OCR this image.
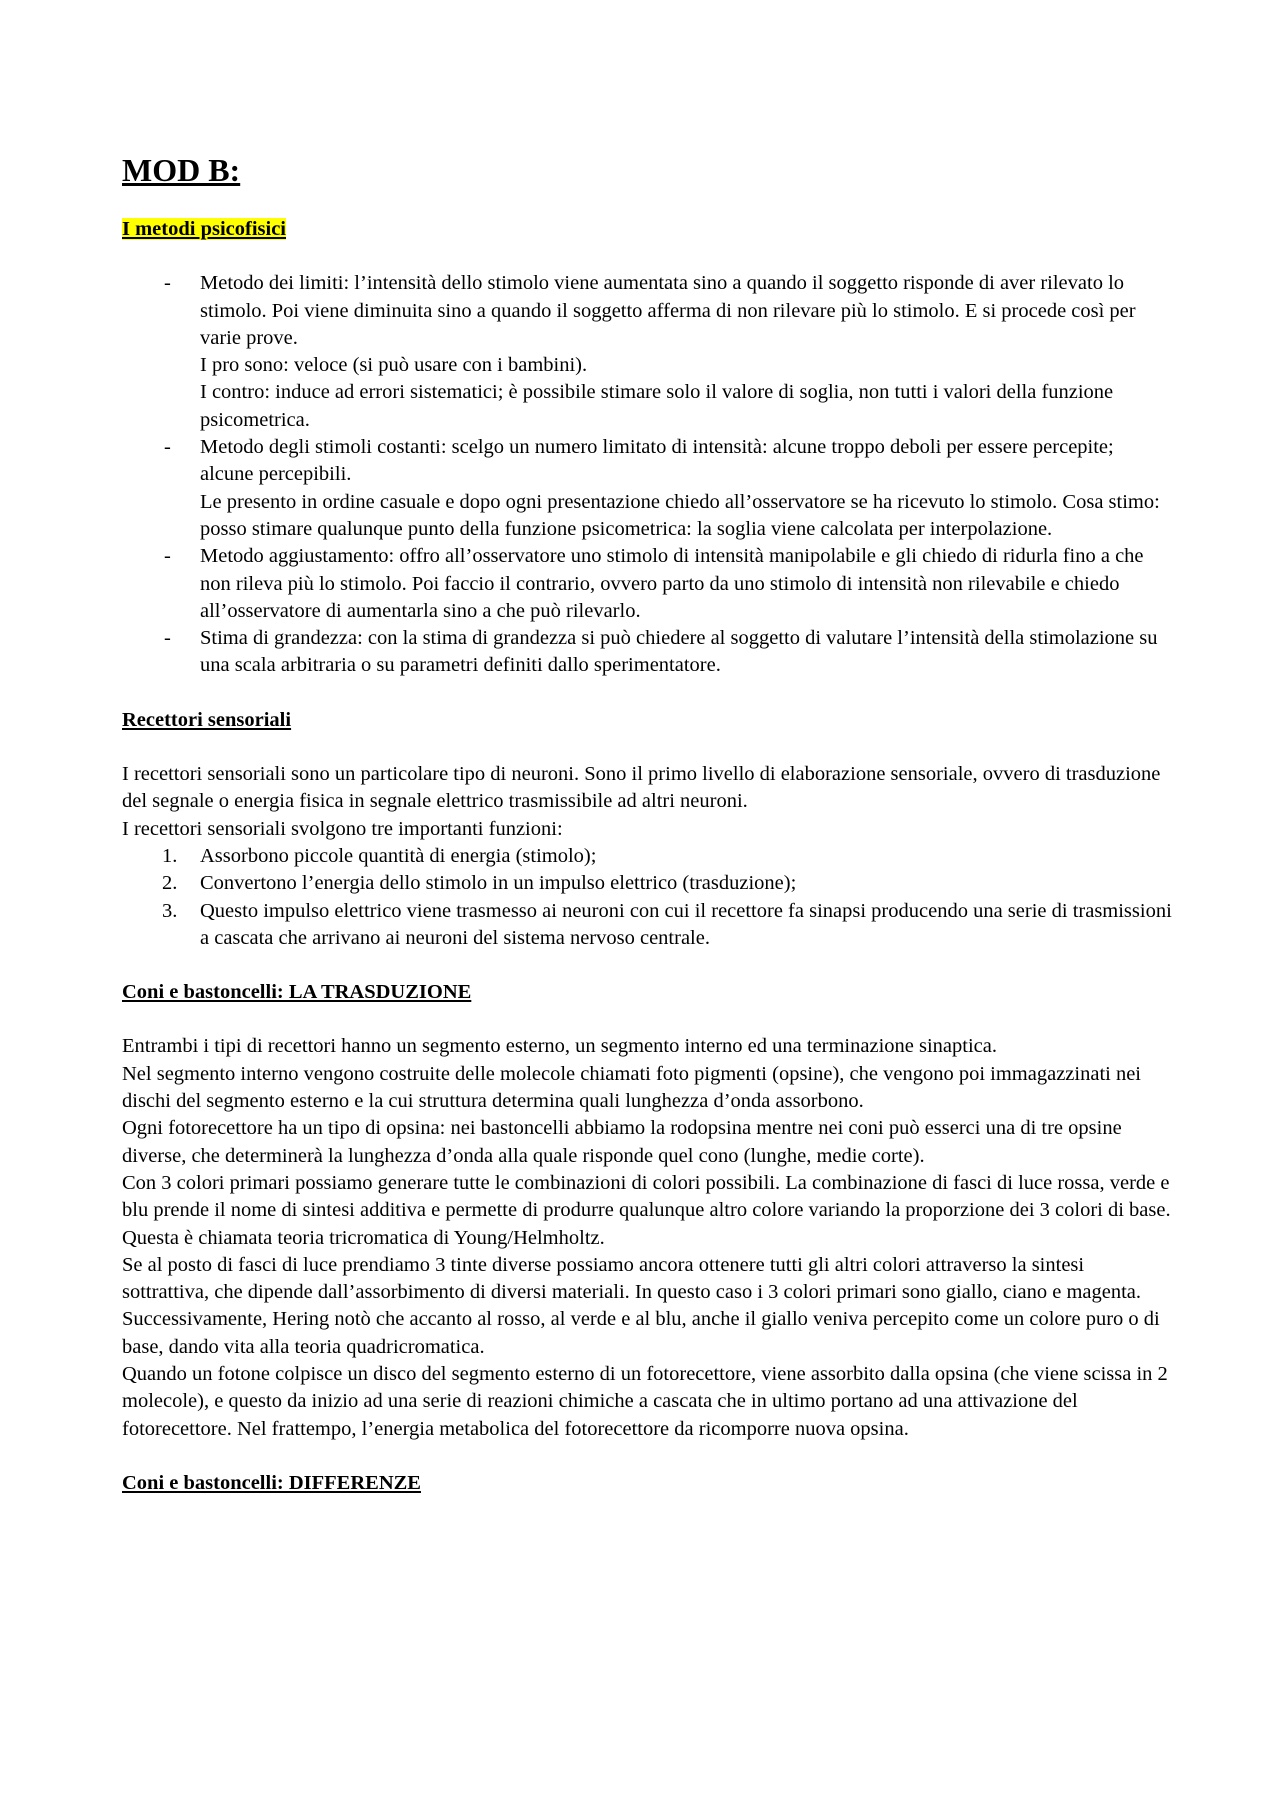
MOD B:
I metodi psicofisici
- Metodo dei limiti: l’intensità dello stimolo viene aumentata sino a quando il soggetto risponde di aver rilevato lo stimolo. Poi viene diminuita sino a quando il soggetto afferma di non rilevare più lo stimolo. E si procede così per varie prove.
I pro sono: veloce (si può usare con i bambini).
I contro: induce ad errori sistematici; è possibile stimare solo il valore di soglia, non tutti i valori della funzione psicometrica.
- Metodo degli stimoli costanti: scelgo un numero limitato di intensità: alcune troppo deboli per essere percepite; alcune percepibili.
Le presento in ordine casuale e dopo ogni presentazione chiedo all’osservatore se ha ricevuto lo stimolo. Cosa stimo: posso stimare qualunque punto della funzione psicometrica: la soglia viene calcolata per interpolazione.
- Metodo aggiustamento: offro all’osservatore uno stimolo di intensità manipolabile e gli chiedo di ridurla fino a che non rileva più lo stimolo. Poi faccio il contrario, ovvero parto da uno stimolo di intensità non rilevabile e chiedo all’osservatore di aumentarla sino a che può rilevarlo.
- Stima di grandezza: con la stima di grandezza si può chiedere al soggetto di valutare l’intensità della stimolazione su una scala arbitraria o su parametri definiti dallo sperimentatore.
Recettori sensoriali

I recettori sensoriali sono un particolare tipo di neuroni. Sono il primo livello di elaborazione sensoriale, ovvero di trasduzione del segnale o energia fisica in segnale elettrico trasmissibile ad altri neuroni.

I recettori sensoriali svolgono tre importanti funzioni:

1. Assorbono piccole quantità di energia (stimolo);
2. Convertono l’energia dello stimolo in un impulso elettrico (trasduzione);
3. Questo impulso elettrico viene trasmesso ai neuroni con cui il recettore fa sinapsi producendo una serie di trasmissioni a cascata che arrivano ai neuroni del sistema nervoso centrale.
Coni e bastoncelli: LA TRASDUZIONE

Entrambi i tipi di recettori hanno un segmento esterno, un segmento interno ed una terminazione sinaptica.

Nel segmento interno vengono costruite delle molecole chiamati foto pigmenti (opsine), che vengono poi immagazzinati nei dischi del segmento esterno e la cui struttura determina quali lunghezza d’onda assorbono.

Ogni fotorecettore ha un tipo di opsina: nei bastoncelli abbiamo la rodopsina mentre nei coni può esserci una di tre opsine diverse, che determinerà la lunghezza d’onda alla quale risponde quel cono (lunghe, medie corte).

Con 3 colori primari possiamo generare tutte le combinazioni di colori possibili. La combinazione di fasci di luce rossa, verde e blu prende il nome di sintesi additiva e permette di produrre qualunque altro colore variando la proporzione dei 3 colori di base. Questa è chiamata teoria tricromatica di Young/Helmholtz.

Se al posto di fasci di luce prendiamo 3 tinte diverse possiamo ancora ottenere tutti gli altri colori attraverso la sintesi sottrattiva, che dipende dall’assorbimento di diversi materiali. In questo caso i 3 colori primari sono giallo, ciano e magenta.

Successivamente, Hering notò che accanto al rosso, al verde e al blu, anche il giallo veniva percepito come un colore puro o di base, dando vita alla teoria quadricromatica.

Quando un fotone colpisce un disco del segmento esterno di un fotorecettore, viene assorbito dalla opsina (che viene scissa in 2 molecole), e questo da inizio ad una serie di reazioni chimiche a cascata che in ultimo portano ad una attivazione del fotorecettore. Nel frattempo, l’energia metabolica del fotorecettore da ricomporre nuova opsina.

Coni e bastoncelli: DIFFERENZE
